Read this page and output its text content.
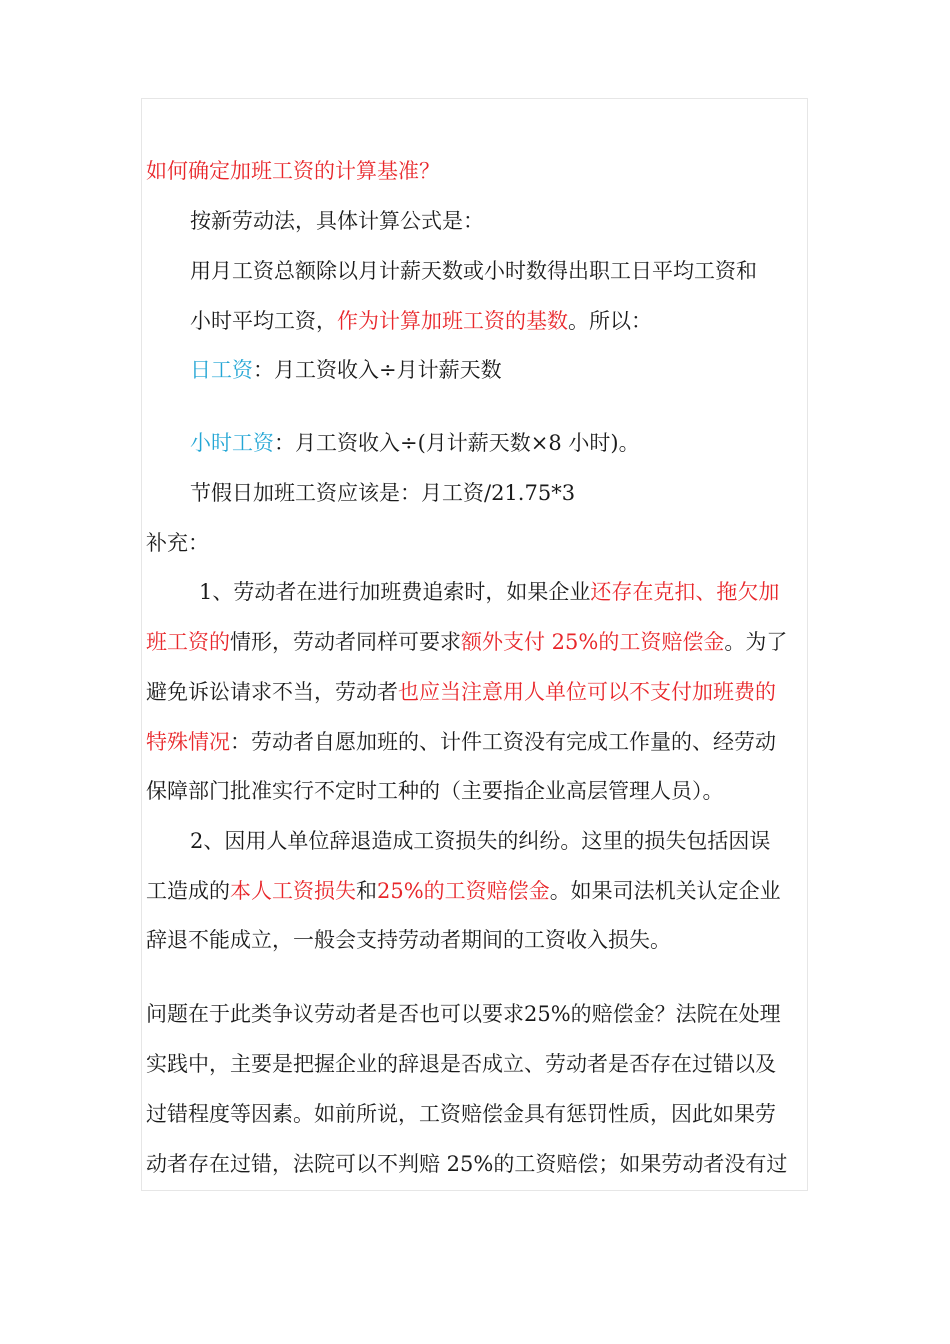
如何确定加班工资的计算基准？
按新劳动法，具体计算公式是：
用月工资总额除以月计薪天数或小时数得出职工日平均工资和
小时平均工资，作为计算加班工资的基数。所以：
日工资：月工资收入÷月计薪天数
小时工资：月工资收入÷(月计薪天数×8 小时)。
节假日加班工资应该是：月工资/21.75*3
补充：
1、劳动者在进行加班费追索时，如果企业还存在克扣、拖欠加
班工资的情形，劳动者同样可要求额外支付 25%的工资赔偿金。为了
避免诉讼请求不当，劳动者也应当注意用人单位可以不支付加班费的
特殊情况：劳动者自愿加班的、计件工资没有完成工作量的、经劳动
保障部门批准实行不定时工种的（主要指企业高层管理人员）。
2、因用人单位辞退造成工资损失的纠纷。这里的损失包括因误
工造成的本人工资损失和25%的工资赔偿金。如果司法机关认定企业
辞退不能成立，一般会支持劳动者期间的工资收入损失。
问题在于此类争议劳动者是否也可以要求25%的赔偿金？法院在处理
实践中，主要是把握企业的辞退是否成立、劳动者是否存在过错以及
过错程度等因素。如前所说，工资赔偿金具有惩罚性质，因此如果劳
动者存在过错，法院可以不判赔 25%的工资赔偿；如果劳动者没有过
